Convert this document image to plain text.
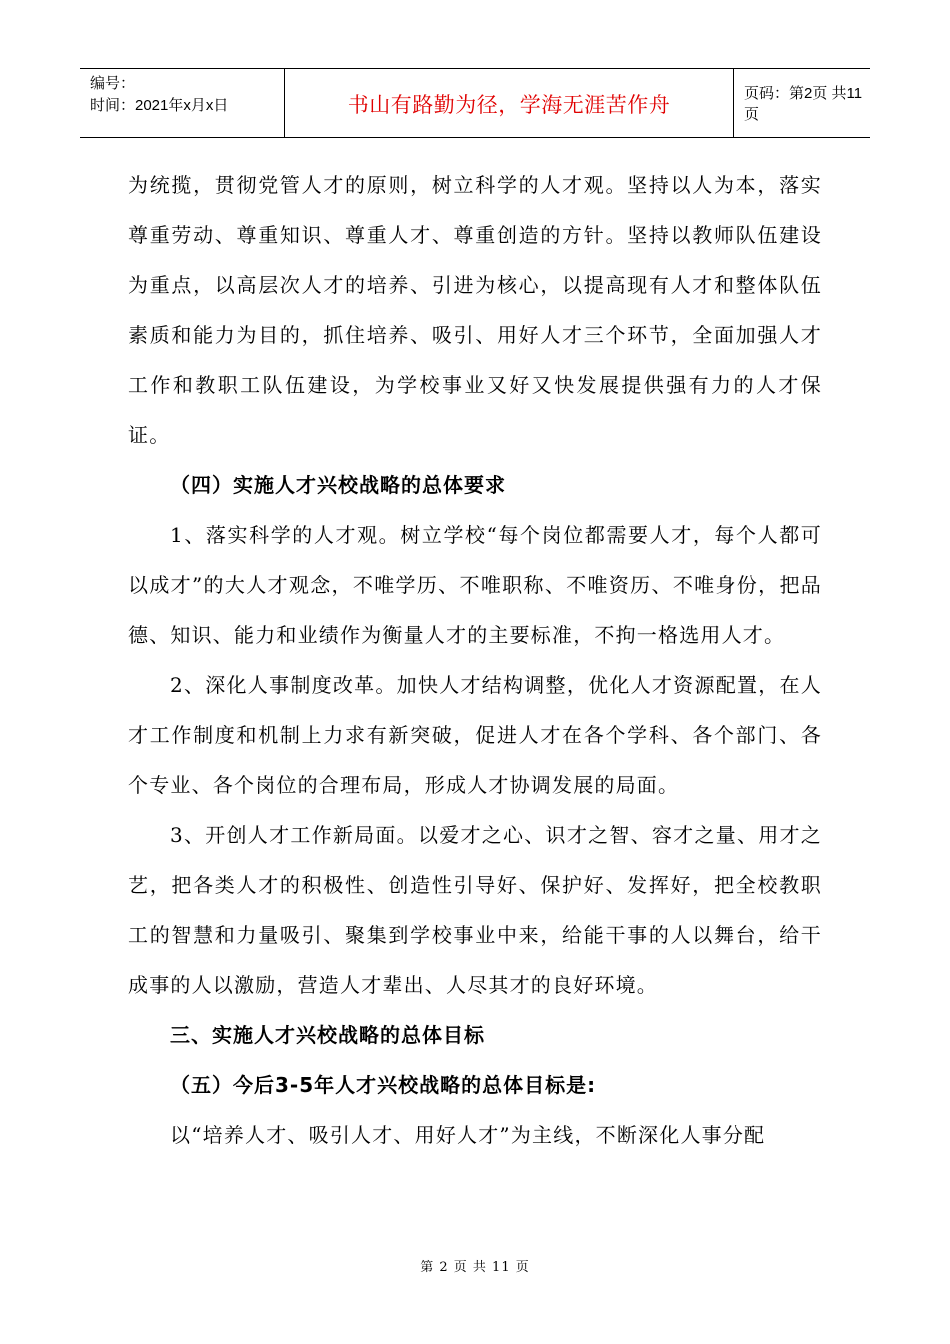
编号：
时间：2021年x月x日	书山有路勤为径，学海无涯苦作舟	页码：第2页 共11页

为统揽，贯彻党管人才的原则，树立科学的人才观。坚持以人为本，落实尊重劳动、尊重知识、尊重人才、尊重创造的方针。坚持以教师队伍建设为重点，以高层次人才的培养、引进为核心，以提高现有人才和整体队伍素质和能力为目的，抓住培养、吸引、用好人才三个环节，全面加强人才工作和教职工队伍建设，为学校事业又好又快发展提供强有力的人才保证。

（四）实施人才兴校战略的总体要求

1、落实科学的人才观。树立学校“每个岗位都需要人才，每个人都可以成才”的大人才观念，不唯学历、不唯职称、不唯资历、不唯身份，把品德、知识、能力和业绩作为衡量人才的主要标准，不拘一格选用人才。

2、深化人事制度改革。加快人才结构调整，优化人才资源配置，在人才工作制度和机制上力求有新突破，促进人才在各个学科、各个部门、各个专业、各个岗位的合理布局，形成人才协调发展的局面。

3、开创人才工作新局面。以爱才之心、识才之智、容才之量、用才之艺，把各类人才的积极性、创造性引导好、保护好、发挥好，把全校教职工的智慧和力量吸引、聚集到学校事业中来，给能干事的人以舞台，给干成事的人以激励，营造人才辈出、人尽其才的良好环境。

三、实施人才兴校战略的总体目标

（五）今后3-5年人才兴校战略的总体目标是:

以“培养人才、吸引人才、用好人才”为主线，不断深化人事分配

第 2 页 共 11 页
